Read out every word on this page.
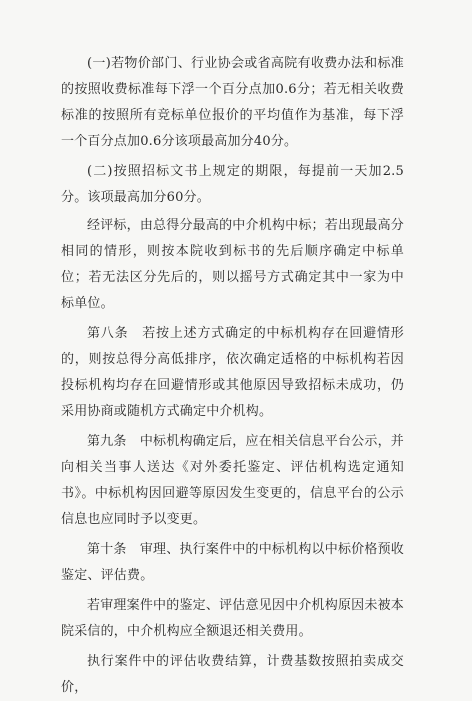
(一)若物价部门、行业协会或省高院有收费办法和标准的按照收费标准每下浮一个百分点加0.6分；若无相关收费标准的按照所有竞标单位报价的平均值作为基准，每下浮一个百分点加0.6分该项最高加分40分。

(二)按照招标文书上规定的期限，每提前一天加2.5分。该项最高加分60分。

经评标，由总得分最高的中介机构中标；若出现最高分相同的情形，则按本院收到标书的先后顺序确定中标单位；若无法区分先后的，则以摇号方式确定其中一家为中标单位。

第八条　若按上述方式确定的中标机构存在回避情形的，则按总得分高低排序，依次确定适格的中标机构若因投标机构均存在回避情形或其他原因导致招标未成功，仍采用协商或随机方式确定中介机构。

第九条　中标机构确定后，应在相关信息平台公示，并向相关当事人送达《对外委托鉴定、评估机构选定通知书》。中标机构因回避等原因发生变更的，信息平台的公示信息也应同时予以变更。

第十条　审理、执行案件中的中标机构以中标价格预收鉴定、评估费。

若审理案件中的鉴定、评估意见因中介机构原因未被本院采信的，中介机构应全额退还相关费用。

执行案件中的评估收费结算，计费基数按照拍卖成交价，
